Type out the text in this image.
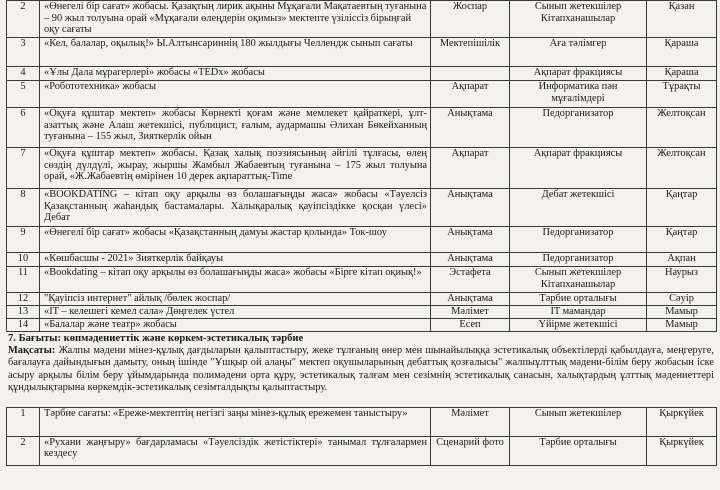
2	«Өнегелі бір сағат» жобасы. Қазақтың лирик ақыны Мұқағали Мақатаевтың туғанына – 90 жыл толуына орай «Мұқағали өлеңдерін оқимыз» мектепте үзіліссіз бірыңғай оқу сағаты	Жоспар	Сынып жетекшілер Кітапханашылар	Қазан
3	«Кел, балалар, оқылық!» Ы.Алтынсариннің 180 жылдығы Челлендж сынып сағаты	Мектепішілік	Аға тәлімгер	Қараша
4	«Ұлы Дала мұрагерлері» жобасы «TEDх» жобасы		Ақпарат фракциясы	Қараша
5	«Робототехника» жобасы	Ақпарат	Информатика пән мұғалімдері	Тұрақты
6	«Оқуға құштар мектеп» жобасы Көрнекті қоғам және мемлекет қайраткері, ұлт-азаттық және Алаш жетекшісі, публицист, ғалым, аудармашы Әлихан Бөкейханның туғанына – 155 жыл, Зияткерлік ойын	Анықтама	Педорганизатор	Желтоқсан
7	«Оқуға құштар мектеп» жобасы. Қазақ халық поэзиясының әйгілі тұлғасы, өлең сөздің дүлдүлі, жырау, жыршы Жамбыл Жабаевтың туғанына – 175 жыл толуына орай, «Ж.Жабаевтің өмірінен 10 дерек ақпараттық-Time	Ақпарат	Ақпарат фракциясы	Желтоқсан
8	«BOOKDATING – кітап оқу арқылы өз болашағыңды жаса» жобасы «Тәуелсіз Қазақстанның жаһандық бастамалары. Халықаралық қауіпсіздікке қосқан үлесі» Дебат	Анықтама	Дебат жетекшісі	Қаңтар
9	«Өнегелі бір сағат» жобасы «Қазақстанның дамуы жастар қолында» Ток-шоу	Анықтама	Педорганизатор	Қаңтар
10	«Көшбасшы - 2021» Зияткерлік байқауы	Анықтама	Педорганизатор	Ақпан
11	«Bookdating – кітап оқу арқылы өз болашағыңды жаса» жобасы «Бірге кітап оқиық!»	Эстафета	Сынып жетекшілер Кітапханашылар	Наурыз
12	"Қауіпсіз интернет" айлық /бөлек жоспар/	Анықтама	Тәрбие орталығы	Сәуір
13	«IT – келешегі кемел сала» Дөңгелек үстел	Мәлімет	IT мамандар	Мамыр
14	«Балалар және театр» жобасы	Есеп	Үйірме жетекшісі	Мамыр
7. Бағыты: көпмәдениеттік және көркем-эстетикалық тәрбие
Мақсаты: Жалпы мәдени мінез-құлық дағдыларын қалыптастыру, жеке тұлғаның өнер мен шынайылыққа эстетикалық объектілерді қабылдауға, меңгеруге, бағалауға дайындығын дамыту, оның ішінде "Ұшқыр ой алаңы" мектеп оқушыларының дебаттық қозғалысы" жалпыұлттық мәдени-білім беру жобасын іске асыру арқылы білім беру ұйымдарында полимәдени орта құру, эстетикалық талғам мен сезімнің эстетикалық санасын, халықтардың ұлттық мәдениеттері құндылықтарына көркемдік-эстетикалық сезімталдықты қалыптастыру.
1	Тәрбие сағаты: «Ереже-мектептің негізгі заңы мінез-құлық ережемен таныстыру»	Мәлімет	Сынып жетекшілер	Қыркүйек
2	«Рухани жаңғыру» бағдарламасы «Тәуелсіздік жетістіктері» танымал тұлғалармен кездесу	Сценарий фото	Тәрбие орталығы	Қыркүйек
